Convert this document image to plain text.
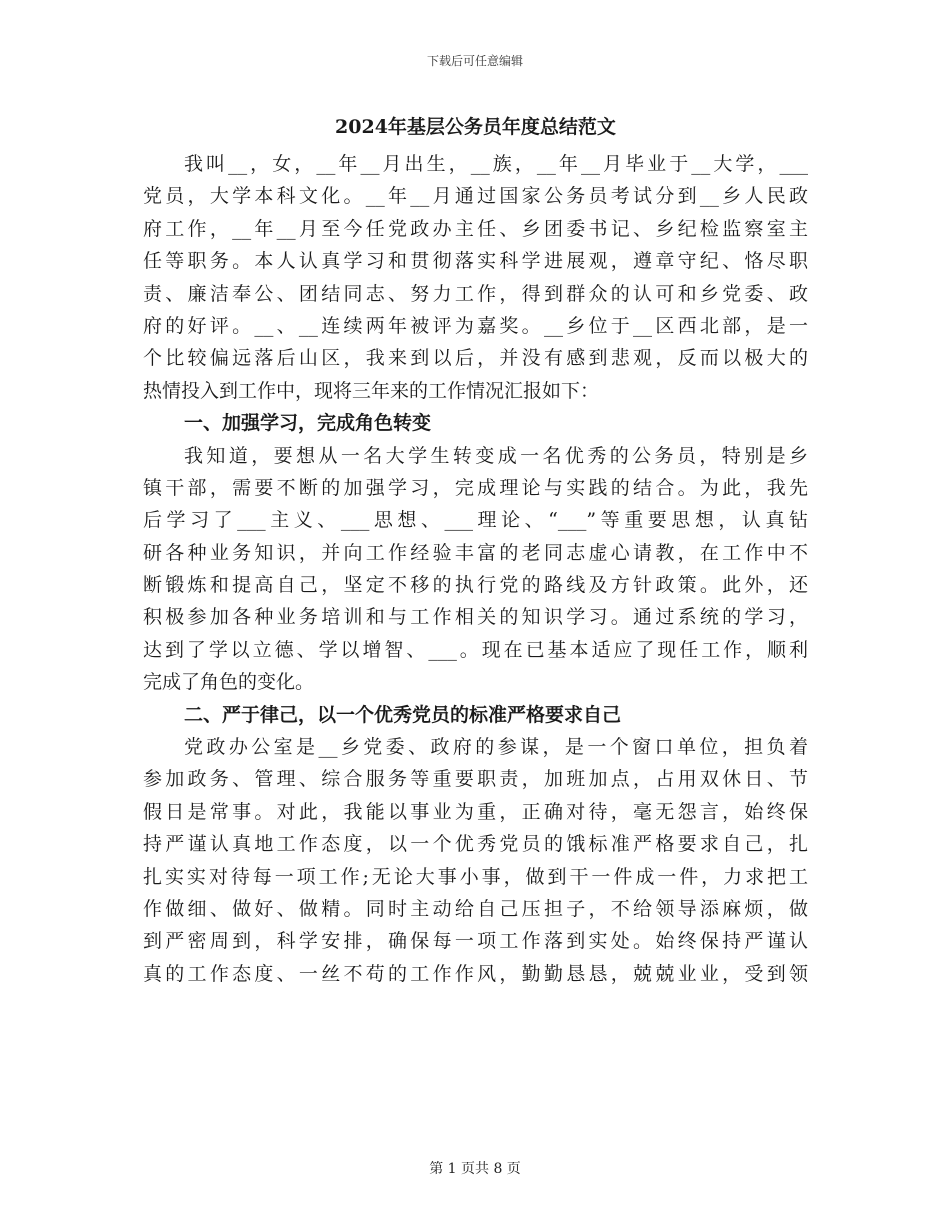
下载后可任意编辑
2024年基层公务员年度总结范文
我叫__，女，__年__月出生，__族，__年__月毕业于__大学，___
党员，大学本科文化。__年__月通过国家公务员考试分到__乡人民政
府工作，__年__月至今任党政办主任、乡团委书记、乡纪检监察室主
任等职务。本人认真学习和贯彻落实科学进展观，遵章守纪、恪尽职
责、廉洁奉公、团结同志、努力工作，得到群众的认可和乡党委、政
府的好评。__、__连续两年被评为嘉奖。__乡位于__区西北部，是一
个比较偏远落后山区，我来到以后，并没有感到悲观，反而以极大的
热情投入到工作中，现将三年来的工作情况汇报如下：
一、加强学习，完成角色转变
我知道，要想从一名大学生转变成一名优秀的公务员，特别是乡
镇干部，需要不断的加强学习，完成理论与实践的结合。为此，我先
后学习了___主义、___思想、___理论、“___”等重要思想，认真钻
研各种业务知识，并向工作经验丰富的老同志虚心请教，在工作中不
断锻炼和提高自己，坚定不移的执行党的路线及方针政策。此外，还
积极参加各种业务培训和与工作相关的知识学习。通过系统的学习，
达到了学以立德、学以增智、___。现在已基本适应了现任工作，顺利
完成了角色的变化。
二、严于律己，以一个优秀党员的标准严格要求自己
党政办公室是__乡党委、政府的参谋，是一个窗口单位，担负着
参加政务、管理、综合服务等重要职责，加班加点，占用双休日、节
假日是常事。对此，我能以事业为重，正确对待，毫无怨言，始终保
持严谨认真地工作态度，以一个优秀党员的饿标准严格要求自己，扎
扎实实对待每一项工作;无论大事小事，做到干一件成一件，力求把工
作做细、做好、做精。同时主动给自己压担子，不给领导添麻烦，做
到严密周到，科学安排，确保每一项工作落到实处。始终保持严谨认
真的工作态度、一丝不苟的工作作风，勤勤恳恳，兢兢业业，受到领
第 1 页共 8 页
